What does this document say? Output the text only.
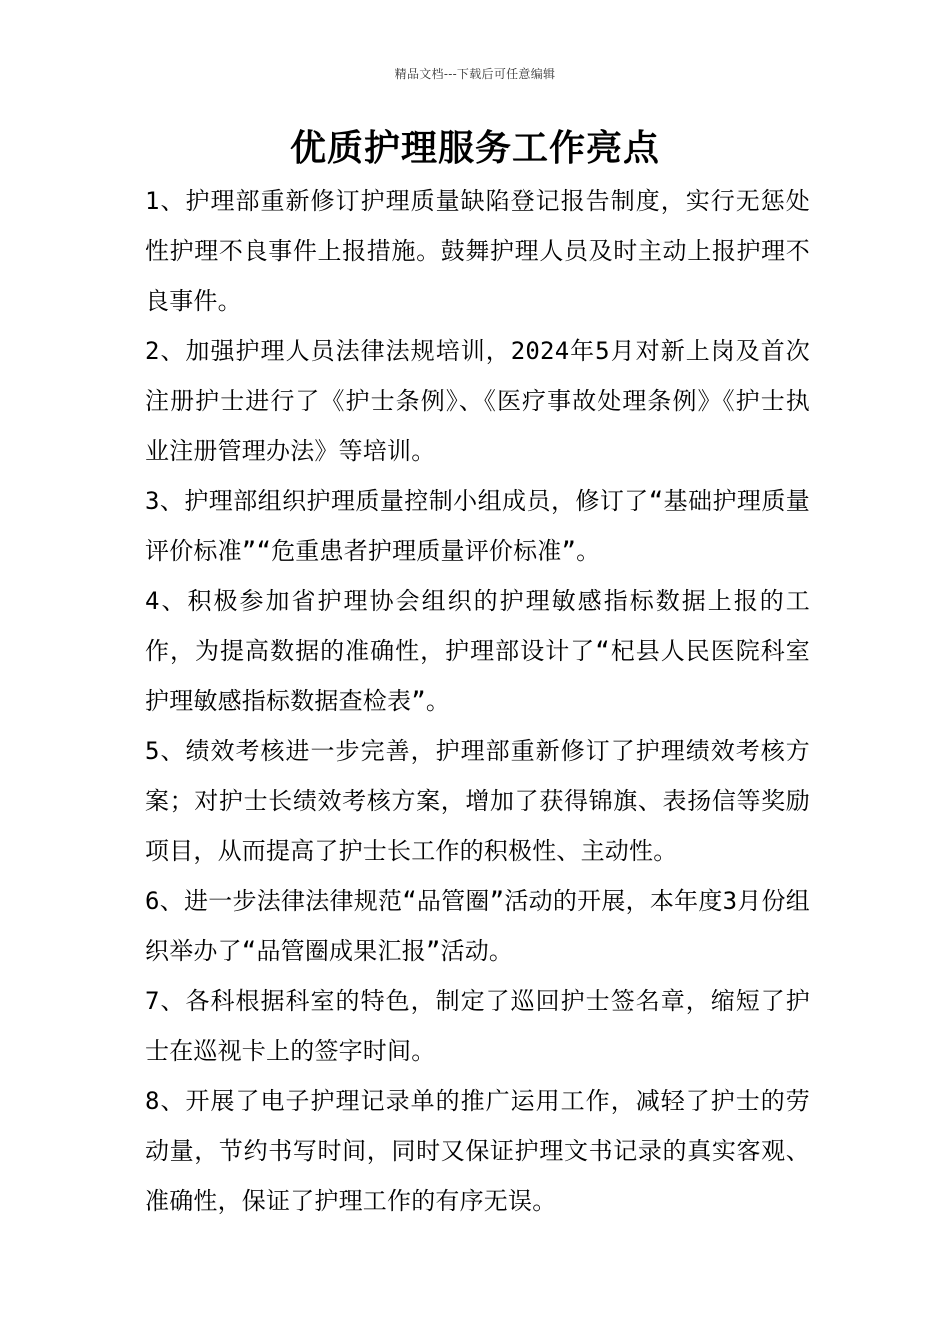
精品文档---下载后可任意编辑
优质护理服务工作亮点

1、护理部重新修订护理质量缺陷登记报告制度，实行无惩处性护理不良事件上报措施。鼓舞护理人员及时主动上报护理不良事件。

2、加强护理人员法律法规培训，2024年5月对新上岗及首次注册护士进行了《护士条例》、《医疗事故处理条例》《护士执业注册管理办法》等培训。

3、护理部组织护理质量控制小组成员，修订了“基础护理质量评价标准”“危重患者护理质量评价标准”。

4、积极参加省护理协会组织的护理敏感指标数据上报的工作，为提高数据的准确性，护理部设计了“杞县人民医院科室护理敏感指标数据查检表”。

5、绩效考核进一步完善，护理部重新修订了护理绩效考核方案；对护士长绩效考核方案，增加了获得锦旗、表扬信等奖励项目，从而提高了护士长工作的积极性、主动性。

6、进一步法律法律规范“品管圈”活动的开展，本年度3月份组织举办了“品管圈成果汇报”活动。

7、各科根据科室的特色，制定了巡回护士签名章，缩短了护士在巡视卡上的签字时间。

8、开展了电子护理记录单的推广运用工作，减轻了护士的劳动量，节约书写时间，同时又保证护理文书记录的真实客观、准确性，保证了护理工作的有序无误。
